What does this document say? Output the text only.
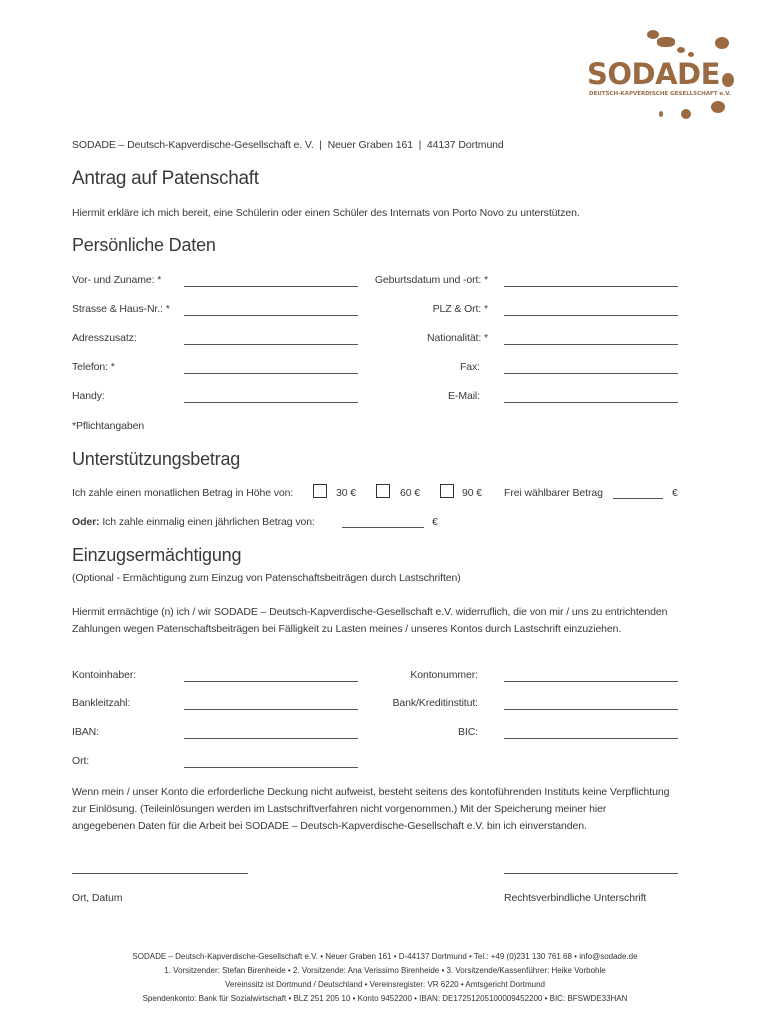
SODADE
DEUTSCH-KAPVERDISCHE GESELLSCHAFT e.V.
SODADE – Deutsch-Kapverdische-Gesellschaft e. V.  |  Neuer Graben 161  |  44137 Dortmund
Antrag auf Patenschaft
Hiermit erkläre ich mich bereit, eine Schülerin oder einen Schüler des Internats von Porto Novo zu unterstützen.
Persönliche Daten
Vor- und Zuname: *	Geburtsdatum und -ort: *
Strasse & Haus-Nr.: *	PLZ & Ort: *
Adresszusatz:	Nationalität: *
Telefon: *	Fax:
Handy:	E-Mail:
*Pflichtangaben
Unterstützungsbetrag
Ich zahle einen monatlichen Betrag in Höhe von:	30 €	60 €	90 € Frei wählbarer Betrag	€
Oder: Ich zahle einmalig einen jährlichen Betrag von:	€
Einzugsermächtigung
(Optional - Ermächtigung zum Einzug von Patenschaftsbeiträgen durch Lastschriften)
Hiermit ermächtige (n) ich / wir SODADE – Deutsch-Kapverdische-Gesellschaft e.V. widerruflich, die von mir / uns zu entrichtenden Zahlungen wegen Patenschaftsbeiträgen bei Fälligkeit zu Lasten meines / unseres Kontos durch Lastschrift einzuziehen.
Kontoinhaber:	Kontonummer:
Bankleitzahl:	Bank/Kreditinstitut:
IBAN:	BIC:
Ort:
Wenn mein / unser Konto die erforderliche Deckung nicht aufweist, besteht seitens des kontoführenden Instituts keine Verpflichtung zur Einlösung. (Teileinlösungen werden im Lastschriftverfahren nicht vorgenommen.) Mit der Speicherung meiner hier angegebenen Daten für die Arbeit bei SODADE – Deutsch-Kapverdische-Gesellschaft e.V. bin ich einverstanden.
Ort, Datum	Rechtsverbindliche Unterschrift
SODADE – Deutsch-Kapverdische-Gesellschaft e.V. • Neuer Graben 161 • D-44137 Dortmund • Tel.: +49 (0)231 130 761 68 • info@sodade.de
1. Vorsitzender: Stefan Birenheide • 2. Vorsitzende: Ana Verissimo Birenheide • 3. Vorsitzende/Kassenführer: Heike Vorbohle
Vereinssitz ist Dortmund / Deutschland • Vereinsregister: VR 6220 • Amtsgericht Dortmund
Spendenkonto: Bank für Sozialwirtschaft • BLZ 251 205 10 • Konto 9452200 • IBAN: DE17251205100009452200 • BIC: BFSWDE33HAN
